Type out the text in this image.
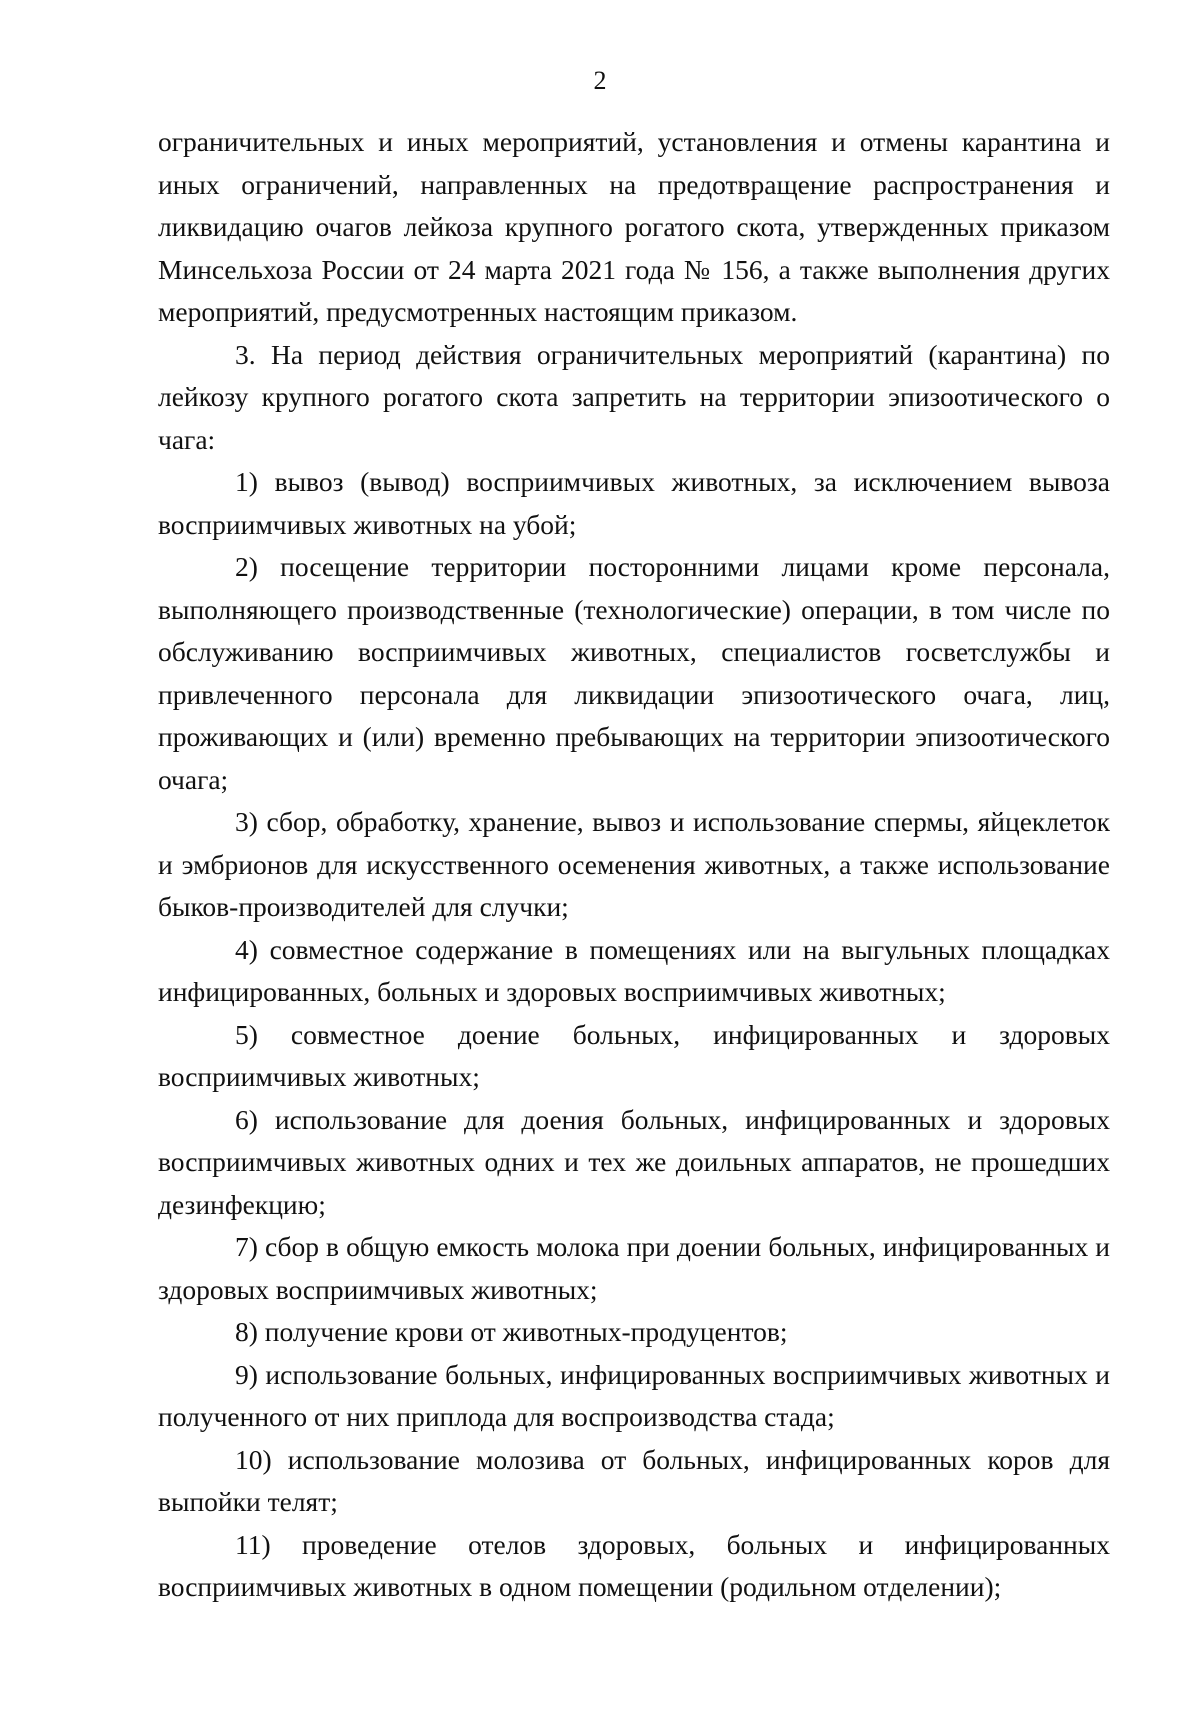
2

ограничительных и иных мероприятий, установления и отмены карантина и иных ограничений, направленных на предотвращение распространения и ликвидацию очагов лейкоза крупного рогатого скота, утвержденных приказом Минсельхоза России от 24 марта 2021 года № 156, а также выполнения других мероприятий, предусмотренных настоящим приказом.

3. На период действия ограничительных мероприятий (карантина) по лейкозу крупного рогатого скота запретить на территории эпизоотического о чага:

1) вывоз (вывод) восприимчивых животных, за исключением вывоза восприимчивых животных на убой;

2) посещение территории посторонними лицами кроме персонала, выполняющего производственные (технологические) операции, в том числе по обслуживанию восприимчивых животных, специалистов госветслужбы и привлеченного персонала для ликвидации эпизоотического очага, лиц, проживающих и (или) временно пребывающих на территории эпизоотического очага;

3) сбор, обработку, хранение, вывоз и использование спермы, яйцеклеток и эмбрионов для искусственного осеменения животных, а также использование быков-производителей для случки;

4) совместное содержание в помещениях или на выгульных площадках инфицированных, больных и здоровых восприимчивых животных;

5) совместное доение больных, инфицированных и здоровых восприимчивых животных;

6) использование для доения больных, инфицированных и здоровых восприимчивых животных одних и тех же доильных аппаратов, не прошедших дезинфекцию;

7) сбор в общую емкость молока при доении больных, инфицированных и здоровых восприимчивых животных;

8) получение крови от животных-продуцентов;

9) использование больных, инфицированных восприимчивых животных и полученного от них приплода для воспроизводства стада;

10) использование молозива от больных, инфицированных коров для выпойки телят;

11) проведение отелов здоровых, больных и инфицированных восприимчивых животных в одном помещении (родильном отделении);
